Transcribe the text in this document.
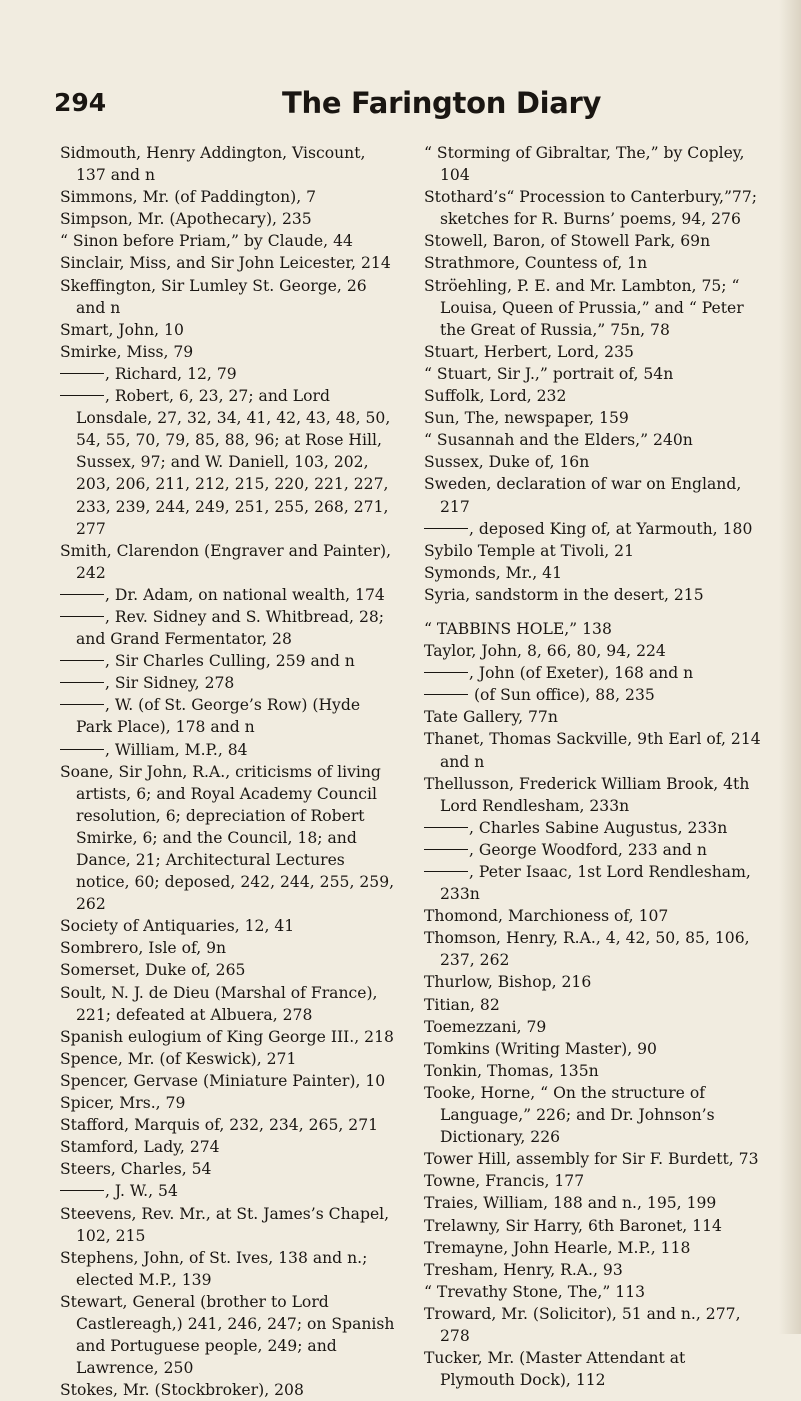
294	The Farington Diary

Sidmouth, Henry Addington, Viscount, 137 and n

Simmons, Mr. (of Paddington), 7

Simpson, Mr. (Apothecary), 235

“ Sinon before Priam,” by Claude, 44

Sinclair, Miss, and Sir John Leicester, 214

Skeffington, Sir Lumley St. George, 26 and n

Smart, John, 10

Smirke, Miss, 79

, Richard, 12, 79

, Robert, 6, 23, 27; and Lord Lonsdale, 27, 32, 34, 41, 42, 43, 48, 50, 54, 55, 70, 79, 85, 88, 96; at Rose Hill, Sussex, 97; and W. Daniell, 103, 202, 203, 206, 211, 212, 215, 220, 221, 227, 233, 239, 244, 249, 251, 255, 268, 271, 277

Smith, Clarendon (Engraver and Painter), 242

, Dr. Adam, on national wealth, 174

, Rev. Sidney and S. Whitbread, 28; and Grand Fermentator, 28

, Sir Charles Culling, 259 and n

, Sir Sidney, 278

, W. (of St. George’s Row) (Hyde Park Place), 178 and n

, William, M.P., 84

Soane, Sir John, R.A., criticisms of living artists, 6; and Royal Academy Council resolution, 6; depreciation of Robert Smirke, 6; and the Council, 18; and Dance, 21; Architectural Lectures notice, 60; deposed, 242, 244, 255, 259, 262

Society of Antiquaries, 12, 41

Sombrero, Isle of, 9n

Somerset, Duke of, 265

Soult, N. J. de Dieu (Marshal of France), 221; defeated at Albuera, 278

Spanish eulogium of King George III., 218

Spence, Mr. (of Keswick), 271

Spencer, Gervase (Miniature Painter), 10

Spicer, Mrs., 79

Stafford, Marquis of, 232, 234, 265, 271

Stamford, Lady, 274

Steers, Charles, 54

, J. W., 54

Steevens, Rev. Mr., at St. James’s Chapel, 102, 215

Stephens, John, of St. Ives, 138 and n.; elected M.P., 139

Stewart, General (brother to Lord Castlereagh,) 241, 246, 247; on Spanish and Portuguese people, 249; and Lawrence, 250

Stokes, Mr. (Stockbroker), 208

“ Storming of Gibraltar, The,” by Copley, 104

Stothard’s“ Procession to Canterbury,”77; sketches for R. Burns’ poems, 94, 276

Stowell, Baron, of Stowell Park, 69n

Strathmore, Countess of, 1n

Ströehling, P. E. and Mr. Lambton, 75; “ Louisa, Queen of Prussia,” and “ Peter the Great of Russia,” 75n, 78

Stuart, Herbert, Lord, 235

“ Stuart, Sir J.,” portrait of, 54n

Suffolk, Lord, 232

Sun, The, newspaper, 159

“ Susannah and the Elders,” 240n

Sussex, Duke of, 16n

Sweden, declaration of war on England, 217

, deposed King of, at Yarmouth, 180

Sybilo Temple at Tivoli, 21

Symonds, Mr., 41

Syria, sandstorm in the desert, 215

“ TABBINS HOLE,” 138

Taylor, John, 8, 66, 80, 94, 224

, John (of Exeter), 168 and n

(of Sun office), 88, 235

Tate Gallery, 77n

Thanet, Thomas Sackville, 9th Earl of, 214 and n

Thellusson, Frederick William Brook, 4th Lord Rendlesham, 233n

, Charles Sabine Augustus, 233n

, George Woodford, 233 and n

, Peter Isaac, 1st Lord Rendlesham, 233n

Thomond, Marchioness of, 107

Thomson, Henry, R.A., 4, 42, 50, 85, 106, 237, 262

Thurlow, Bishop, 216

Titian, 82

Toemezzani, 79

Tomkins (Writing Master), 90

Tonkin, Thomas, 135n

Tooke, Horne, “ On the structure of Language,” 226; and Dr. Johnson’s Dictionary, 226

Tower Hill, assembly for Sir F. Burdett, 73

Towne, Francis, 177

Traies, William, 188 and n., 195, 199

Trelawny, Sir Harry, 6th Baronet, 114

Tremayne, John Hearle, M.P., 118

Tresham, Henry, R.A., 93

“ Trevathy Stone, The,” 113

Troward, Mr. (Solicitor), 51 and n., 277, 278

Tucker, Mr. (Master Attendant at Plymouth Dock), 112
